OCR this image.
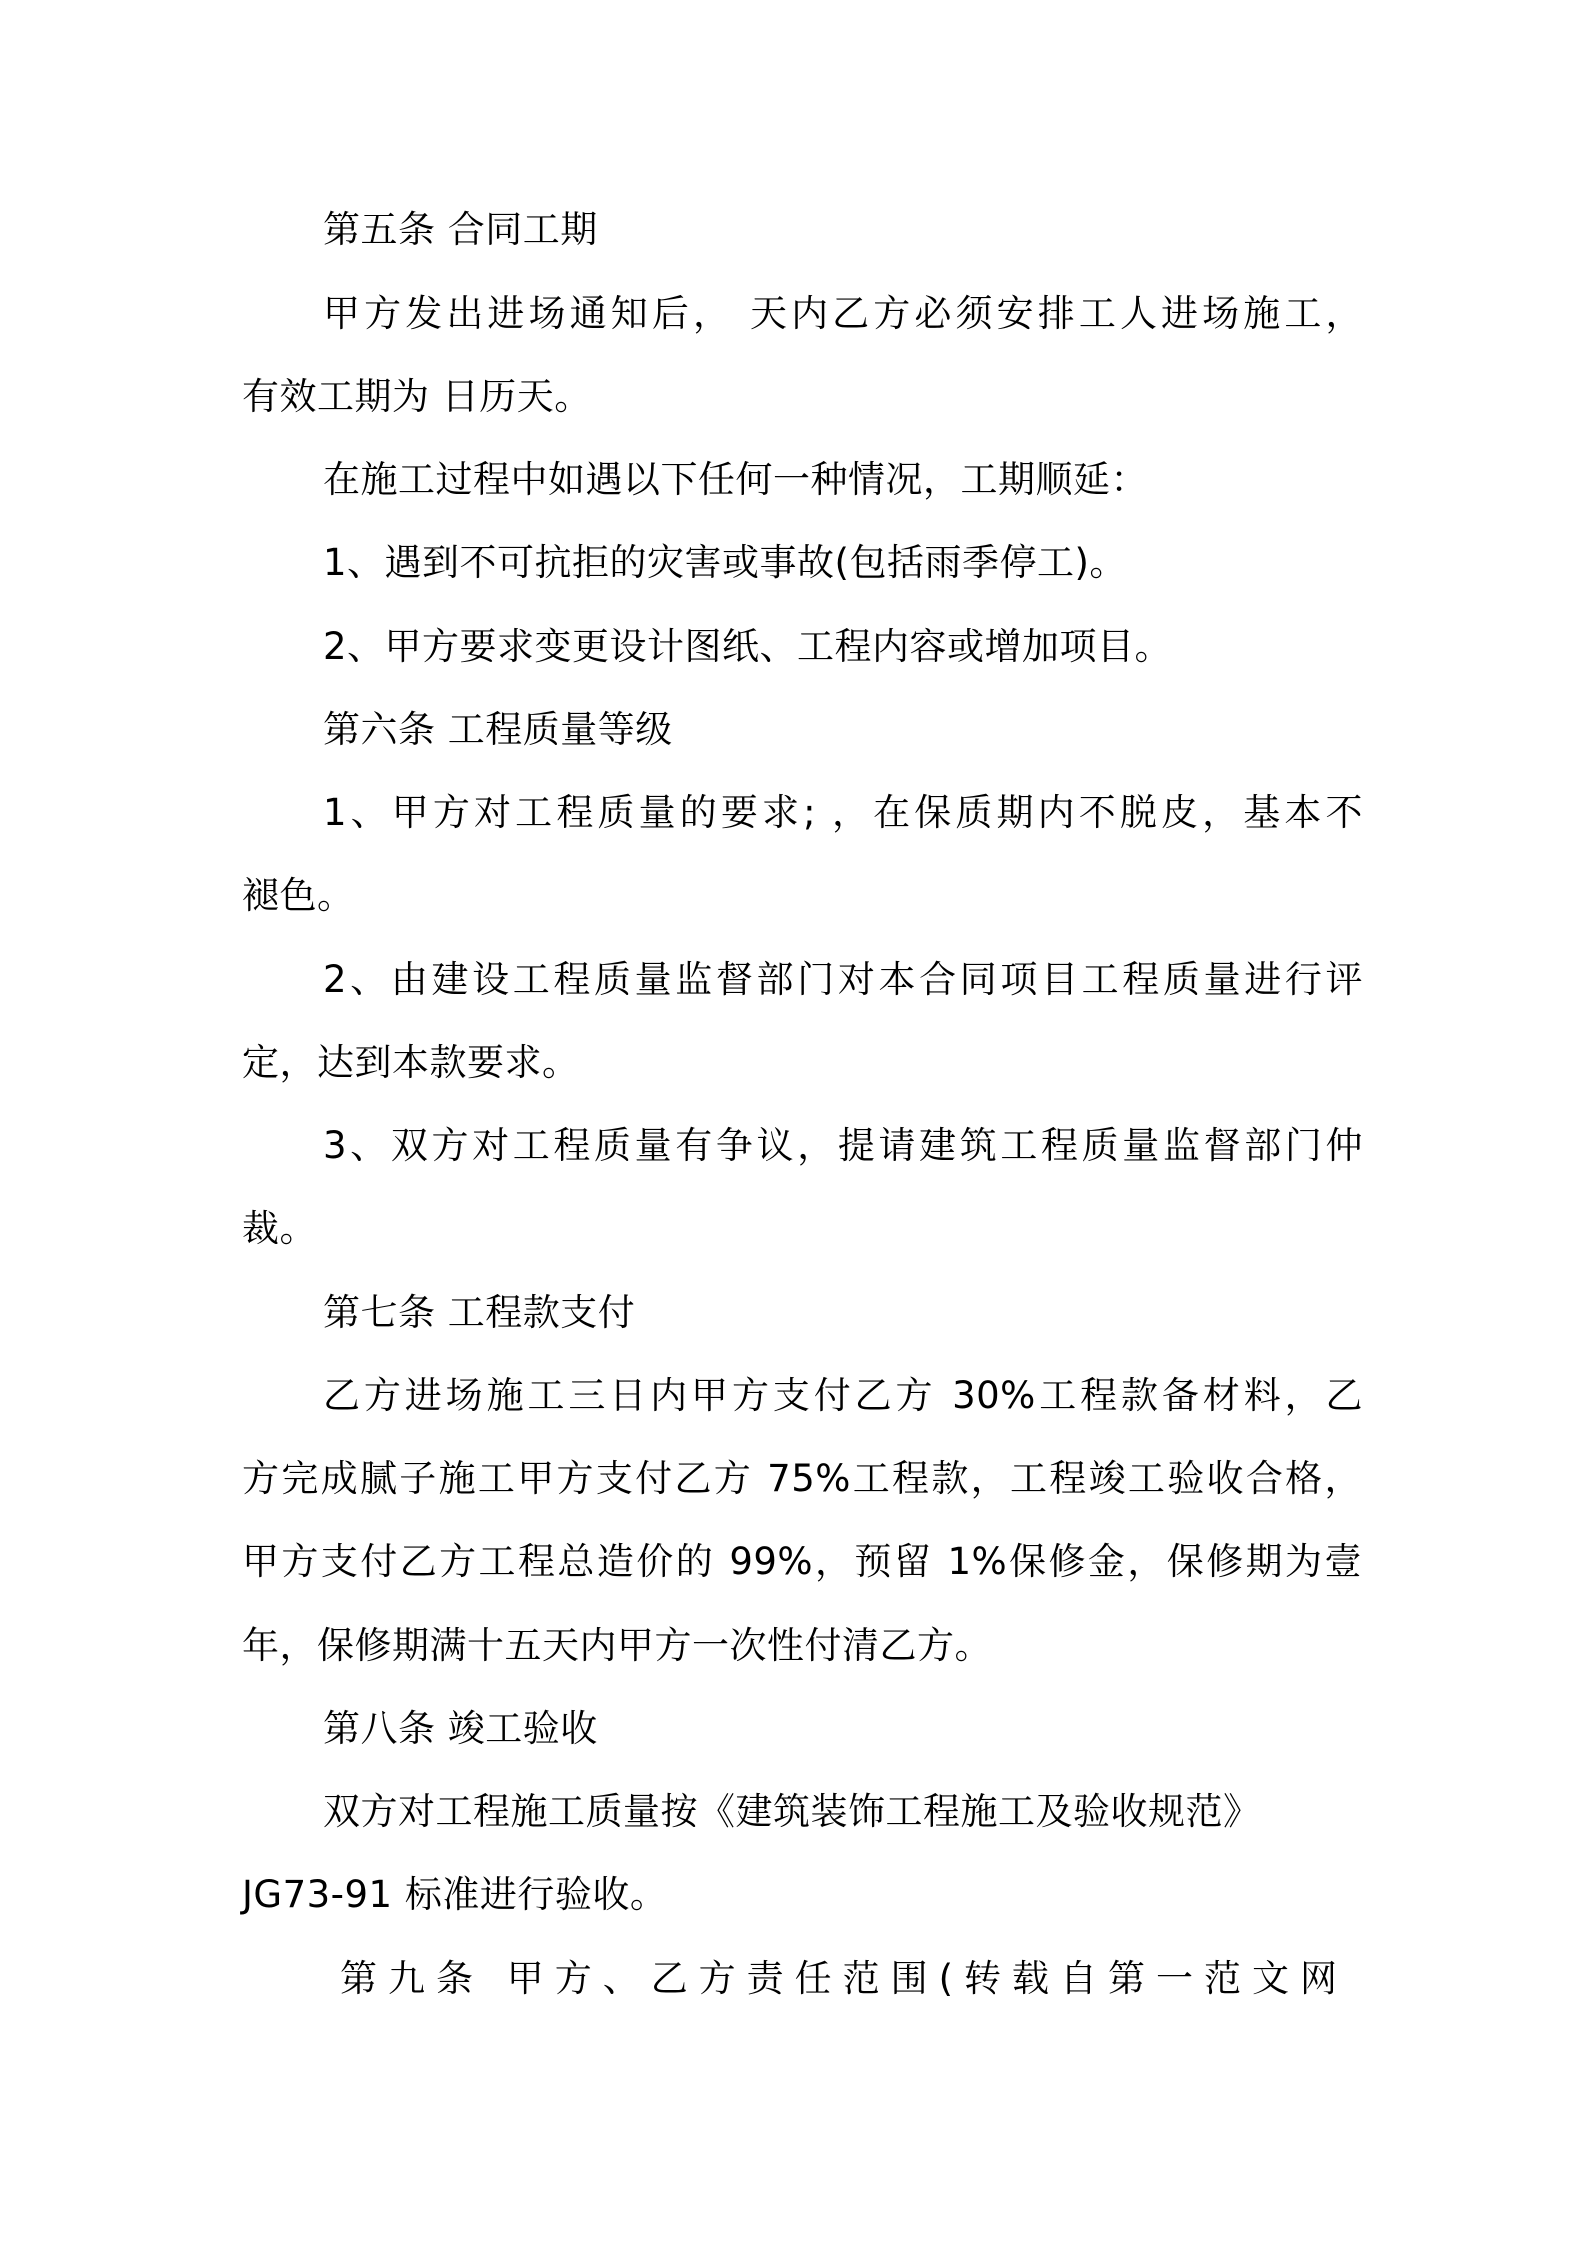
第五条 合同工期
甲方发出进场通知后， 天内乙方必须安排工人进场施工，
有效工期为 日历天。
在施工过程中如遇以下任何一种情况，工期顺延：
1、遇到不可抗拒的灾害或事故(包括雨季停工)。
2、甲方要求变更设计图纸、工程内容或增加项目。
第六条 工程质量等级
1、甲方对工程质量的要求; ，在保质期内不脱皮，基本不
褪色。
2、由建设工程质量监督部门对本合同项目工程质量进行评
定，达到本款要求。
3、双方对工程质量有争议，提请建筑工程质量监督部门仲
裁。
第七条 工程款支付
乙方进场施工三日内甲方支付乙方 30%工程款备材料，乙
方完成腻子施工甲方支付乙方 75%工程款，工程竣工验收合格，
甲方支付乙方工程总造价的 99%，预留 1%保修金，保修期为壹
年，保修期满十五天内甲方一次性付清乙方。
第八条 竣工验收
双方对工程施工质量按《建筑装饰工程施工及验收规范》
JG73-91 标准进行验收。
第九条 甲方、乙方责任范围(转载自第一范文网
